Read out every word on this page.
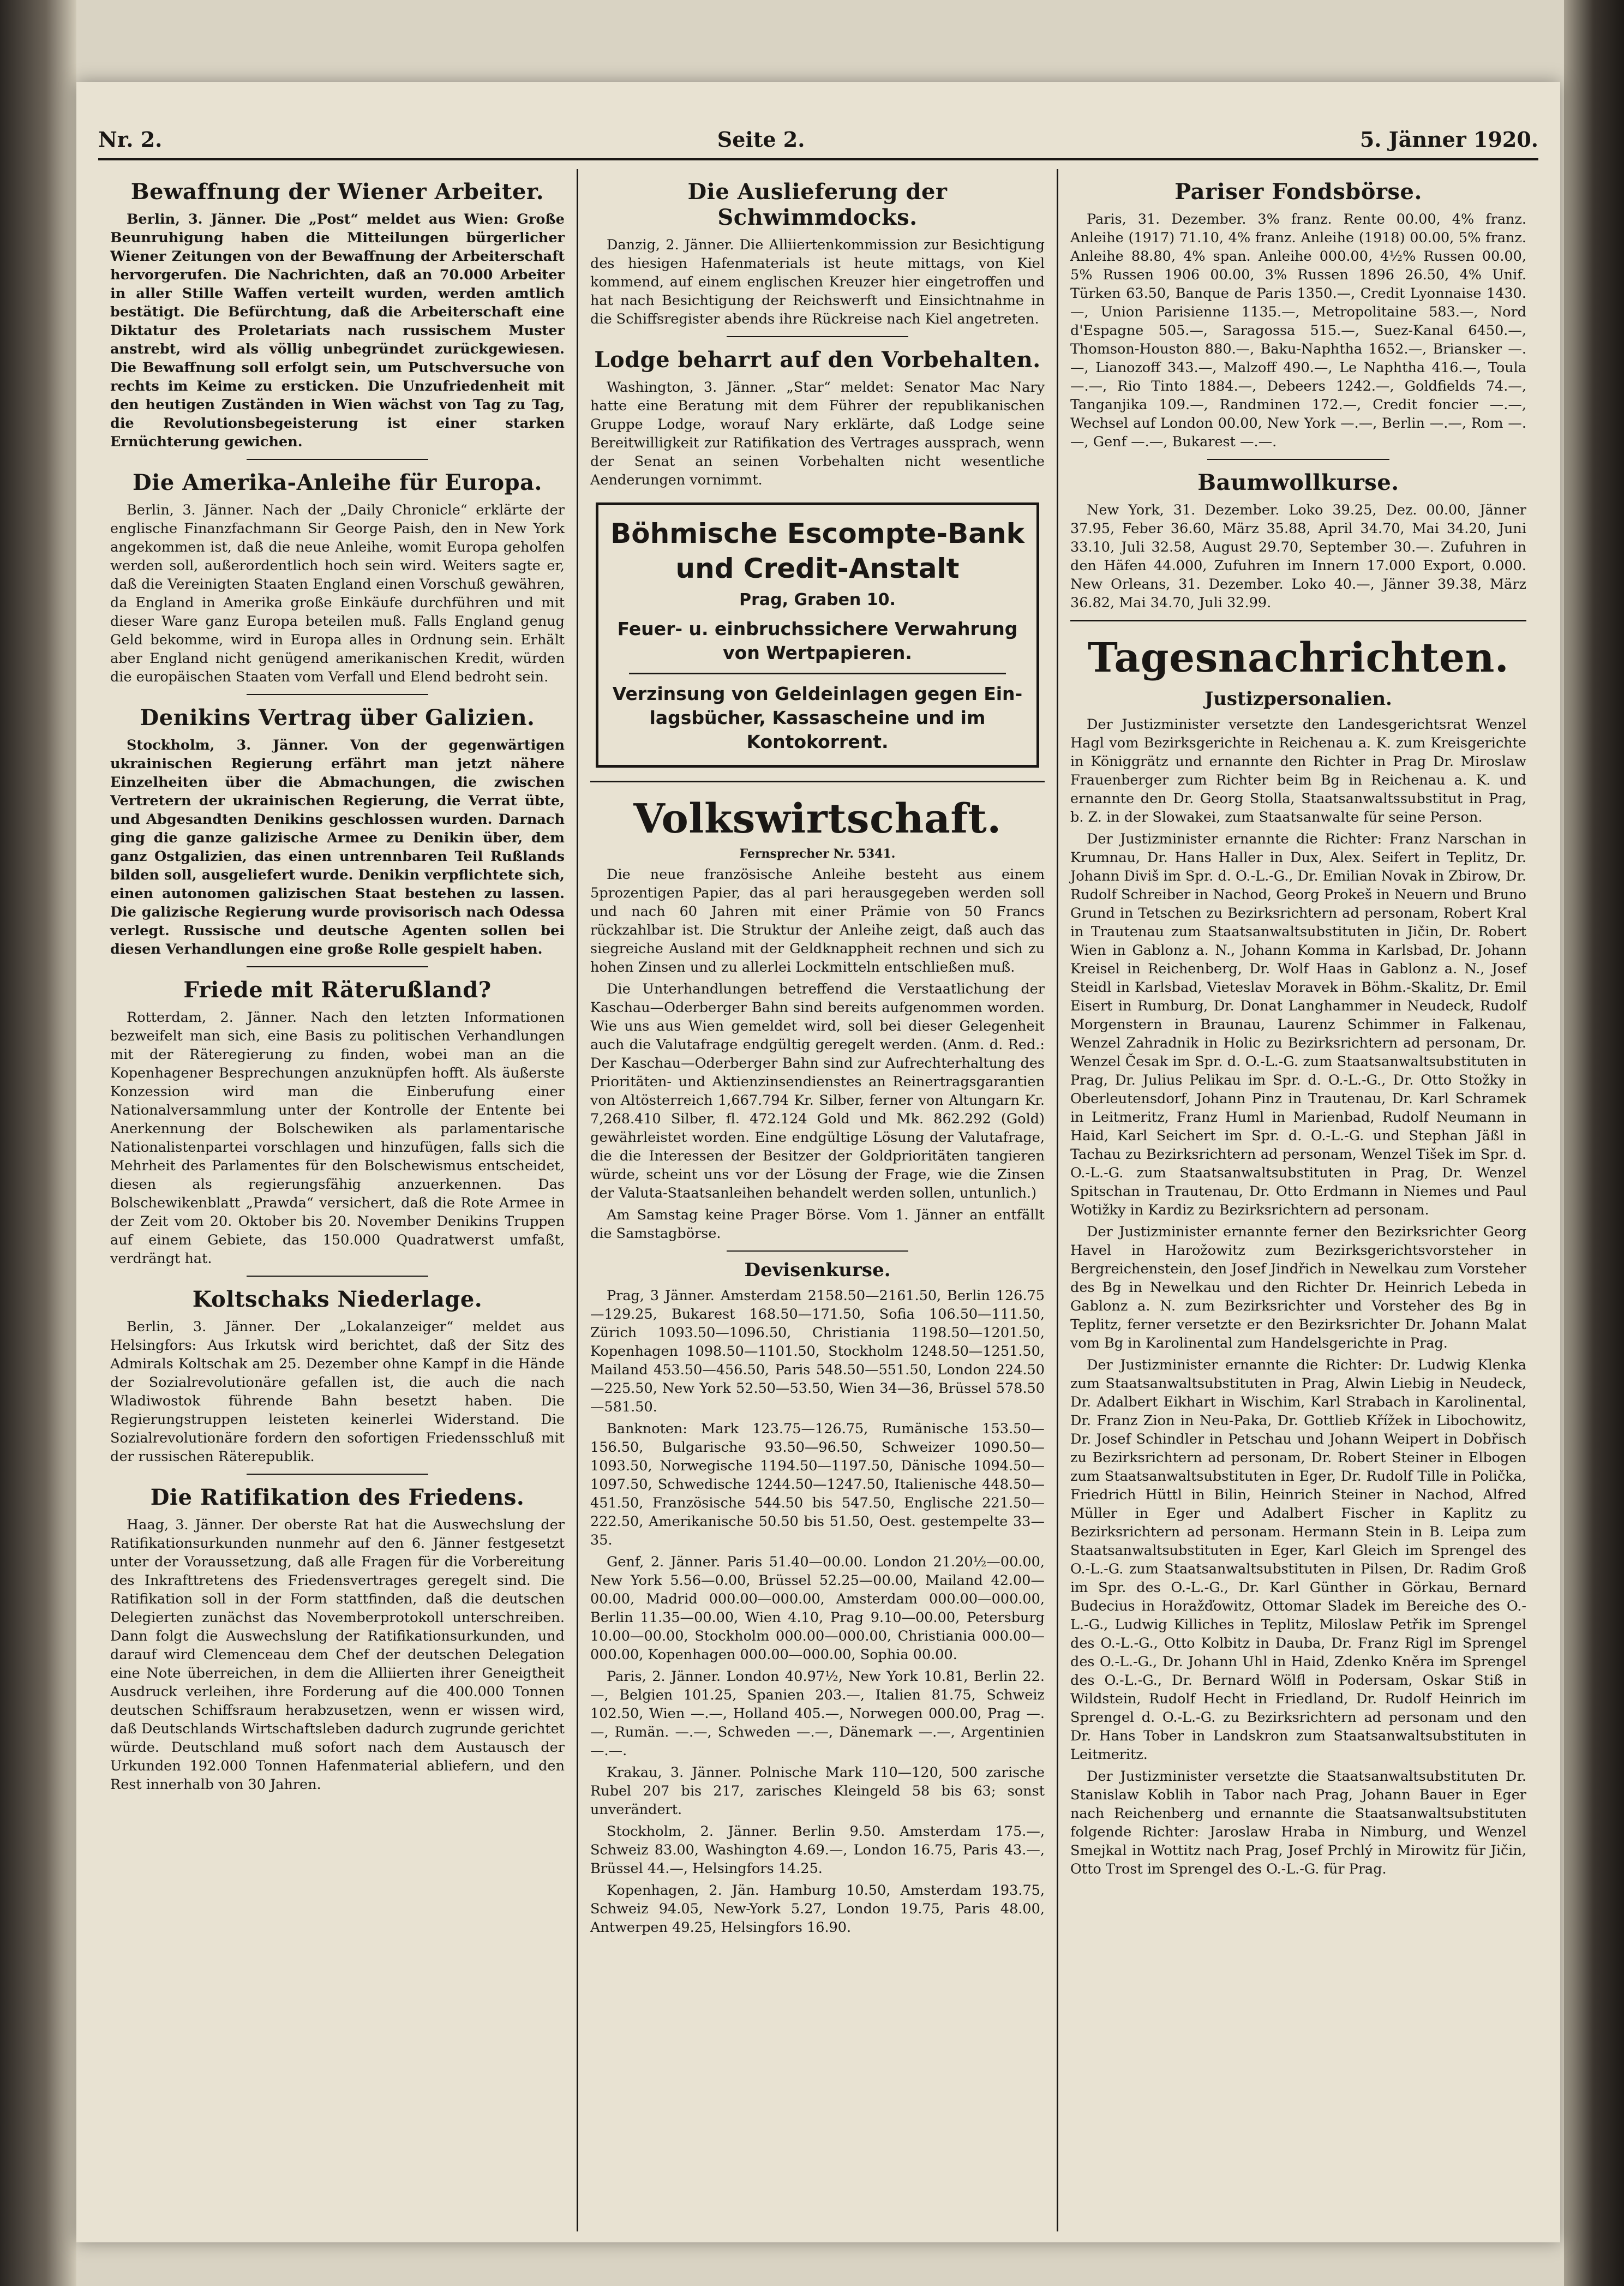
Nr. 2.	Seite 2.	5. Jänner 1920.
Bewaffnung der Wiener Arbeiter.

Berlin, 3. Jänner. Die „Post“ meldet aus Wien: Große Beunruhigung haben die Mitteilungen bürgerlicher Wiener Zeitungen von der Bewaffnung der Arbeiterschaft hervorgerufen. Die Nachrichten, daß an 70.000 Arbeiter in aller Stille Waffen verteilt wurden, werden amtlich bestätigt. Die Befürchtung, daß die Arbeiterschaft eine Diktatur des Proletariats nach russischem Muster anstrebt, wird als völlig unbegründet zurückgewiesen. Die Bewaffnung soll erfolgt sein, um Putschversuche von rechts im Keime zu ersticken. Die Unzufriedenheit mit den heutigen Zuständen in Wien wächst von Tag zu Tag, die Revolutionsbegeisterung ist einer starken Ernüchterung gewichen.

Die Amerika-Anleihe für Europa.

Berlin, 3. Jänner. Nach der „Daily Chronicle“ erklärte der englische Finanzfachmann Sir George Paish, den in New York angekommen ist, daß die neue Anleihe, womit Europa geholfen werden soll, außerordentlich hoch sein wird. Weiters sagte er, daß die Vereinigten Staaten England einen Vorschuß gewähren, da England in Amerika große Einkäufe durchführen und mit dieser Ware ganz Europa beteilen muß. Falls England genug Geld bekomme, wird in Europa alles in Ordnung sein. Erhält aber England nicht genügend amerikanischen Kredit, würden die europäischen Staaten vom Verfall und Elend bedroht sein.

Denikins Vertrag über Galizien.

Stockholm, 3. Jänner. Von der gegenwärtigen ukrainischen Regierung erfährt man jetzt nähere Einzelheiten über die Abmachungen, die zwischen Vertretern der ukrainischen Regierung, die Verrat übte, und Abgesandten Denikins geschlossen wurden. Darnach ging die ganze galizische Armee zu Denikin über, dem ganz Ostgalizien, das einen untrennbaren Teil Rußlands bilden soll, ausgeliefert wurde. Denikin verpflichtete sich, einen autonomen galizischen Staat bestehen zu lassen. Die galizische Regierung wurde provisorisch nach Odessa verlegt. Russische und deutsche Agenten sollen bei diesen Verhandlungen eine große Rolle gespielt haben.

Friede mit Räterußland?

Rotterdam, 2. Jänner. Nach den letzten Informationen bezweifelt man sich, eine Basis zu politischen Verhandlungen mit der Räteregierung zu finden, wobei man an die Kopenhagener Besprechungen anzuknüpfen hofft. Als äußerste Konzession wird man die Einberufung einer Nationalversammlung unter der Kontrolle der Entente bei Anerkennung der Bolschewiken als parlamentarische Nationalistenpartei vorschlagen und hinzufügen, falls sich die Mehrheit des Parlamentes für den Bolschewismus entscheidet, diesen als regierungsfähig anzuerkennen. Das Bolschewikenblatt „Prawda“ versichert, daß die Rote Armee in der Zeit vom 20. Oktober bis 20. November Denikins Truppen auf einem Gebiete, das 150.000 Quadratwerst umfaßt, verdrängt hat.

Koltschaks Niederlage.

Berlin, 3. Jänner. Der „Lokalanzeiger“ meldet aus Helsingfors: Aus Irkutsk wird berichtet, daß der Sitz des Admirals Koltschak am 25. Dezember ohne Kampf in die Hände der Sozialrevolutionäre gefallen ist, die auch die nach Wladiwostok führende Bahn besetzt haben. Die Regierungstruppen leisteten keinerlei Widerstand. Die Sozialrevolutionäre fordern den sofortigen Friedensschluß mit der russischen Räterepublik.

Die Ratifikation des Friedens.

Haag, 3. Jänner. Der oberste Rat hat die Auswechslung der Ratifikationsurkunden nunmehr auf den 6. Jänner festgesetzt unter der Voraussetzung, daß alle Fragen für die Vorbereitung des Inkrafttretens des Friedensvertrages geregelt sind. Die Ratifikation soll in der Form stattfinden, daß die deutschen Delegierten zunächst das Novemberprotokoll unterschreiben. Dann folgt die Auswechslung der Ratifikationsurkunden, und darauf wird Clemenceau dem Chef der deutschen Delegation eine Note überreichen, in dem die Alliierten ihrer Geneigtheit Ausdruck verleihen, ihre Forderung auf die 400.000 Tonnen deutschen Schiffsraum herabzusetzen, wenn er wissen wird, daß Deutschlands Wirtschaftsleben dadurch zugrunde gerichtet würde. Deutschland muß sofort nach dem Austausch der Urkunden 192.000 Tonnen Hafenmaterial abliefern, und den Rest innerhalb von 30 Jahren.

Die Auslieferung der Schwimmdocks.

Danzig, 2. Jänner. Die Alliiertenkommission zur Besichtigung des hiesigen Hafenmaterials ist heute mittags, von Kiel kommend, auf einem englischen Kreuzer hier eingetroffen und hat nach Besichtigung der Reichswerft und Einsichtnahme in die Schiffsregister abends ihre Rückreise nach Kiel angetreten.

Lodge beharrt auf den Vorbehalten.

Washington, 3. Jänner. „Star“ meldet: Senator Mac Nary hatte eine Beratung mit dem Führer der republikanischen Gruppe Lodge, worauf Nary erklärte, daß Lodge seine Bereitwilligkeit zur Ratifikation des Vertrages aussprach, wenn der Senat an seinen Vorbehalten nicht wesentliche Aenderungen vornimmt.

Böhmische Escompte-Bank
und Credit-Anstalt
Prag, Graben 10.
Feuer- u. einbruchssichere Verwahrung
von Wertpapieren.
Verzinsung von Geldeinlagen gegen Ein-
lagsbücher, Kassascheine und im
Kontokorrent.
Volkswirtschaft.
Fernsprecher Nr. 5341.

Die neue französische Anleihe besteht aus einem 5prozentigen Papier, das al pari herausgegeben werden soll und nach 60 Jahren mit einer Prämie von 50 Francs rückzahlbar ist. Die Struktur der Anleihe zeigt, daß auch das siegreiche Ausland mit der Geldknappheit rechnen und sich zu hohen Zinsen und zu allerlei Lockmitteln entschließen muß.

Die Unterhandlungen betreffend die Verstaatlichung der Kaschau—Oderberger Bahn sind bereits aufgenommen worden. Wie uns aus Wien gemeldet wird, soll bei dieser Gelegenheit auch die Valutafrage endgültig geregelt werden. (Anm. d. Red.: Der Kaschau—Oderberger Bahn sind zur Aufrechterhaltung des Prioritäten- und Aktienzinsendienstes an Reinertragsgarantien von Altösterreich 1,667.794 Kr. Silber, ferner von Altungarn Kr. 7,268.410 Silber, fl. 472.124 Gold und Mk. 862.292 (Gold) gewährleistet worden. Eine endgültige Lösung der Valutafrage, die die Interessen der Besitzer der Goldprioritäten tangieren würde, scheint uns vor der Lösung der Frage, wie die Zinsen der Valuta-Staatsanleihen behandelt werden sollen, untunlich.)

Am Samstag keine Prager Börse. Vom 1. Jänner an entfällt die Samstagbörse.

Devisenkurse.

Prag, 3 Jänner. Amsterdam 2158.50—2161.50, Berlin 126.75—129.25, Bukarest 168.50—171.50, Sofia 106.50—111.50, Zürich 1093.50—1096.50, Christiania 1198.50—1201.50, Kopenhagen 1098.50—1101.50, Stockholm 1248.50—1251.50, Mailand 453.50—456.50, Paris 548.50—551.50, London 224.50—225.50, New York 52.50—53.50, Wien 34—36, Brüssel 578.50—581.50.

Banknoten: Mark 123.75—126.75, Rumänische 153.50—156.50, Bulgarische 93.50—96.50, Schweizer 1090.50—1093.50, Norwegische 1194.50—1197.50, Dänische 1094.50—1097.50, Schwedische 1244.50—1247.50, Italienische 448.50—451.50, Französische 544.50 bis 547.50, Englische 221.50—222.50, Amerikanische 50.50 bis 51.50, Oest. gestempelte 33—35.

Genf, 2. Jänner. Paris 51.40—00.00. London 21.20½—00.00, New York 5.56—0.00, Brüssel 52.25—00.00, Mailand 42.00—00.00, Madrid 000.00—000.00, Amsterdam 000.00—000.00, Berlin 11.35—00.00, Wien 4.10, Prag 9.10—00.00, Petersburg 10.00—00.00, Stockholm 000.00—000.00, Christiania 000.00—000.00, Kopenhagen 000.00—000.00, Sophia 00.00.

Paris, 2. Jänner. London 40.97½, New York 10.81, Berlin 22.—, Belgien 101.25, Spanien 203.—, Italien 81.75, Schweiz 102.50, Wien —.—, Holland 405.—, Norwegen 000.00, Prag —.—, Rumän. —.—, Schweden —.—, Dänemark —.—, Argentinien —.—.

Krakau, 3. Jänner. Polnische Mark 110—120, 500 zarische Rubel 207 bis 217, zarisches Kleingeld 58 bis 63; sonst unverändert.

Stockholm, 2. Jänner. Berlin 9.50. Amsterdam 175.—, Schweiz 83.00, Washington 4.69.—, London 16.75, Paris 43.—, Brüssel 44.—, Helsingfors 14.25.

Kopenhagen, 2. Jän. Hamburg 10.50, Amsterdam 193.75, Schweiz 94.05, New-York 5.27, London 19.75, Paris 48.00, Antwerpen 49.25, Helsingfors 16.90.

Pariser Fondsbörse.

Paris, 31. Dezember. 3% franz. Rente 00.00, 4% franz. Anleihe (1917) 71.10, 4% franz. Anleihe (1918) 00.00, 5% franz. Anleihe 88.80, 4% span. Anleihe 000.00, 4½% Russen 00.00, 5% Russen 1906 00.00, 3% Russen 1896 26.50, 4% Unif. Türken 63.50, Banque de Paris 1350.—, Credit Lyonnaise 1430.—, Union Parisienne 1135.—, Metropolitaine 583.—, Nord d'Espagne 505.—, Saragossa 515.—, Suez-Kanal 6450.—, Thomson-Houston 880.—, Baku-Naphtha 1652.—, Briansker —.—, Lianozoff 343.—, Malzoff 490.—, Le Naphtha 416.—, Toula —.—, Rio Tinto 1884.—, Debeers 1242.—, Goldfields 74.—, Tanganjika 109.—, Randminen 172.—, Credit foncier —.—, Wechsel auf London 00.00, New York —.—, Berlin —.—, Rom —.—, Genf —.—, Bukarest —.—.

Baumwollkurse.

New York, 31. Dezember. Loko 39.25, Dez. 00.00, Jänner 37.95, Feber 36.60, März 35.88, April 34.70, Mai 34.20, Juni 33.10, Juli 32.58, August 29.70, September 30.—. Zufuhren in den Häfen 44.000, Zufuhren im Innern 17.000 Export, 0.000. New Orleans, 31. Dezember. Loko 40.—, Jänner 39.38, März 36.82, Mai 34.70, Juli 32.99.

Tagesnachrichten.
Justizpersonalien.

Der Justizminister versetzte den Landesgerichtsrat Wenzel Hagl vom Bezirksgerichte in Reichenau a. K. zum Kreisgerichte in Königgrätz und ernannte den Richter in Prag Dr. Miroslaw Frauenberger zum Richter beim Bg in Reichenau a. K. und ernannte den Dr. Georg Stolla, Staatsanwaltssubstitut in Prag, b. Z. in der Slowakei, zum Staatsanwalte für seine Person.

Der Justizminister ernannte die Richter: Franz Narschan in Krumnau, Dr. Hans Haller in Dux, Alex. Seifert in Teplitz, Dr. Johann Diviš im Spr. d. O.-L.-G., Dr. Emilian Novak in Zbirow, Dr. Rudolf Schreiber in Nachod, Georg Prokeš in Neuern und Bruno Grund in Tetschen zu Bezirksrichtern ad personam, Robert Kral in Trautenau zum Staatsanwaltsubstituten in Jičin, Dr. Robert Wien in Gablonz a. N., Johann Komma in Karlsbad, Dr. Johann Kreisel in Reichenberg, Dr. Wolf Haas in Gablonz a. N., Josef Steidl in Karlsbad, Vieteslav Moravek in Böhm.-Skalitz, Dr. Emil Eisert in Rumburg, Dr. Donat Langhammer in Neudeck, Rudolf Morgenstern in Braunau, Laurenz Schimmer in Falkenau, Wenzel Zahradnik in Holic zu Bezirksrichtern ad personam, Dr. Wenzel Česak im Spr. d. O.-L.-G. zum Staatsanwaltsubstituten in Prag, Dr. Julius Pelikau im Spr. d. O.-L.-G., Dr. Otto Stožky in Oberleutensdorf, Johann Pinz in Trautenau, Dr. Karl Schramek in Leitmeritz, Franz Huml in Marienbad, Rudolf Neumann in Haid, Karl Seichert im Spr. d. O.-L.-G. und Stephan Jäßl in Tachau zu Bezirksrichtern ad personam, Wenzel Tišek im Spr. d. O.-L.-G. zum Staatsanwaltsubstituten in Prag, Dr. Wenzel Spitschan in Trautenau, Dr. Otto Erdmann in Niemes und Paul Wotižky in Kardiz zu Bezirksrichtern ad personam.

Der Justizminister ernannte ferner den Bezirksrichter Georg Havel in Harožowitz zum Bezirksgerichtsvorsteher in Bergreichenstein, den Josef Jindřich in Newelkau zum Vorsteher des Bg in Newelkau und den Richter Dr. Heinrich Lebeda in Gablonz a. N. zum Bezirksrichter und Vorsteher des Bg in Teplitz, ferner versetzte er den Bezirksrichter Dr. Johann Malat vom Bg in Karolinental zum Handelsgerichte in Prag.

Der Justizminister ernannte die Richter: Dr. Ludwig Klenka zum Staatsanwaltsubstituten in Prag, Alwin Liebig in Neudeck, Dr. Adalbert Eikhart in Wischim, Karl Strabach in Karolinental, Dr. Franz Zion in Neu-Paka, Dr. Gottlieb Křížek in Libochowitz, Dr. Josef Schindler in Petschau und Johann Weipert in Dobřisch zu Bezirksrichtern ad personam, Dr. Robert Steiner in Elbogen zum Staatsanwaltsubstituten in Eger, Dr. Rudolf Tille in Polička, Friedrich Hüttl in Bilin, Heinrich Steiner in Nachod, Alfred Müller in Eger und Adalbert Fischer in Kaplitz zu Bezirksrichtern ad personam. Hermann Stein in B. Leipa zum Staatsanwaltsubstituten in Eger, Karl Gleich im Sprengel des O.-L.-G. zum Staatsanwaltsubstituten in Pilsen, Dr. Radim Groß im Spr. des O.-L.-G., Dr. Karl Günther in Görkau, Bernard Budecius in Horažďowitz, Ottomar Sladek im Bereiche des O.-L.-G., Ludwig Killiches in Teplitz, Miloslaw Petřik im Sprengel des O.-L.-G., Otto Kolbitz in Dauba, Dr. Franz Rigl im Sprengel des O.-L.-G., Dr. Johann Uhl in Haid, Zdenko Kněra im Sprengel des O.-L.-G., Dr. Bernard Wölfl in Podersam, Oskar Stiß in Wildstein, Rudolf Hecht in Friedland, Dr. Rudolf Heinrich im Sprengel d. O.-L.-G. zu Bezirksrichtern ad personam und den Dr. Hans Tober in Landskron zum Staatsanwaltsubstituten in Leitmeritz.

Der Justizminister versetzte die Staatsanwaltsubstituten Dr. Stanislaw Koblih in Tabor nach Prag, Johann Bauer in Eger nach Reichenberg und ernannte die Staatsanwaltsubstituten folgende Richter: Jaroslaw Hraba in Nimburg, und Wenzel Smejkal in Wottitz nach Prag, Josef Prchlý in Mirowitz für Jičin, Otto Trost im Sprengel des O.-L.-G. für Prag.
